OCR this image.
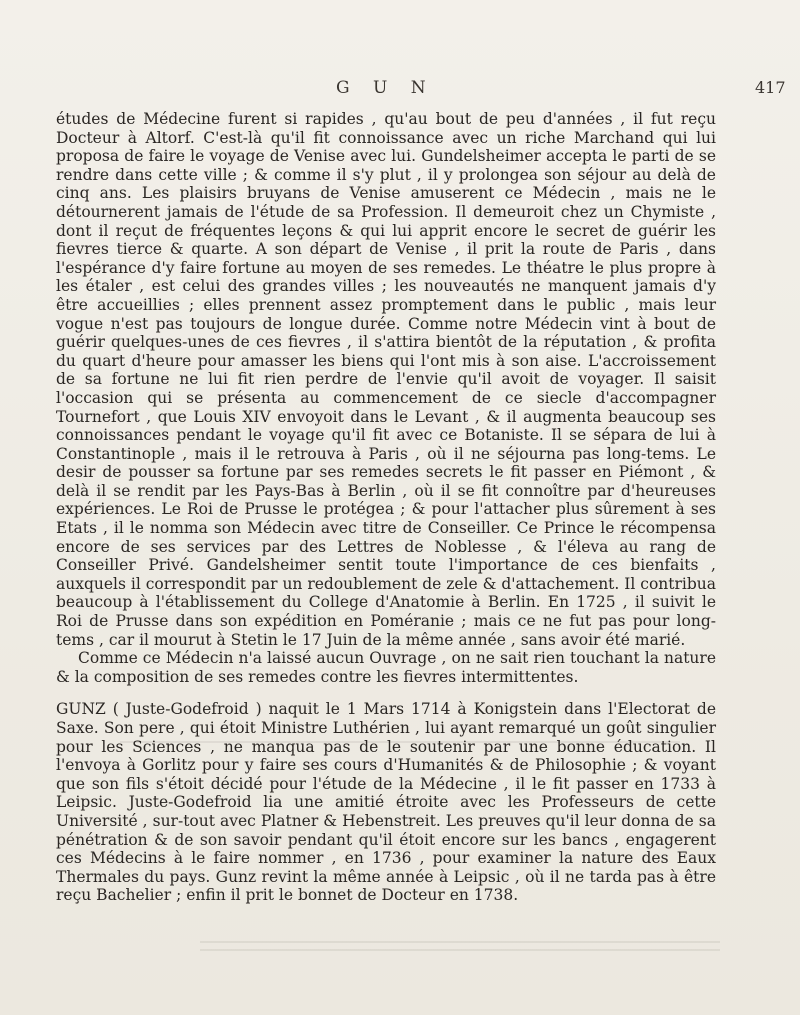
G U N	417

études de Médecine furent si rapides , qu'au bout de peu d'années , il fut reçu Docteur à Altorf. C'est-là qu'il fit connoissance avec un riche Marchand qui lui proposa de faire le voyage de Venise avec lui. Gundelsheimer accepta le parti de se rendre dans cette ville ; & comme il s'y plut , il y prolongea son séjour au delà de cinq ans. Les plaisirs bruyans de Venise amuserent ce Médecin , mais ne le détournerent jamais de l'étude de sa Profession. Il demeuroit chez un Chymiste , dont il reçut de fréquentes leçons & qui lui apprit encore le secret de guérir les fievres tierce & quarte. A son départ de Venise , il prit la route de Paris , dans l'espérance d'y faire fortune au moyen de ses remedes. Le théatre le plus propre à les étaler , est celui des grandes villes ; les nouveautés ne manquent jamais d'y être accueillies ; elles prennent assez promptement dans le public , mais leur vogue n'est pas toujours de longue durée. Comme notre Médecin vint à bout de guérir quelques-unes de ces fievres , il s'attira bientôt de la réputation , & profita du quart d'heure pour amasser les biens qui l'ont mis à son aise. L'accroissement de sa fortune ne lui fit rien perdre de l'envie qu'il avoit de voyager. Il saisit l'occasion qui se présenta au commencement de ce siecle d'accompagner Tournefort , que Louis XIV envoyoit dans le Levant , & il augmenta beaucoup ses connoissances pendant le voyage qu'il fit avec ce Botaniste. Il se sépara de lui à Constantinople , mais il le retrouva à Paris , où il ne séjourna pas long-tems. Le desir de pousser sa fortune par ses remedes secrets le fit passer en Piémont , & delà il se rendit par les Pays-Bas à Berlin , où il se fit connoître par d'heureuses expériences. Le Roi de Prusse le protégea ; & pour l'attacher plus sûrement à ses Etats , il le nomma son Médecin avec titre de Conseiller. Ce Prince le récompensa encore de ses services par des Lettres de Noblesse , & l'éleva au rang de Conseiller Privé. Gandelsheimer sentit toute l'importance de ces bienfaits , auxquels il correspondit par un redoublement de zele & d'attachement. Il contribua beaucoup à l'établissement du College d'Anatomie à Berlin. En 1725 , il suivit le Roi de Prusse dans son expédition en Poméranie ; mais ce ne fut pas pour long-tems , car il mourut à Stetin le 17 Juin de la même année , sans avoir été marié.

Comme ce Médecin n'a laissé aucun Ouvrage , on ne sait rien touchant la nature & la composition de ses remedes contre les fievres intermittentes.

GUNZ ( Juste-Godefroid ) naquit le 1 Mars 1714 à Konigstein dans l'Electorat de Saxe. Son pere , qui étoit Ministre Luthérien , lui ayant remarqué un goût singulier pour les Sciences , ne manqua pas de le soutenir par une bonne éducation. Il l'envoya à Gorlitz pour y faire ses cours d'Humanités & de Philosophie ; & voyant que son fils s'étoit décidé pour l'étude de la Médecine , il le fit passer en 1733 à Leipsic. Juste-Godefroid lia une amitié étroite avec les Professeurs de cette Université , sur-tout avec Platner & Hebenstreit. Les preuves qu'il leur donna de sa pénétration & de son savoir pendant qu'il étoit encore sur les bancs , engagerent ces Médecins à le faire nommer , en 1736 , pour examiner la nature des Eaux Thermales du pays. Gunz revint la même année à Leipsic , où il ne tarda pas à être reçu Bachelier ; enfin il prit le bonnet de Docteur en 1738.
